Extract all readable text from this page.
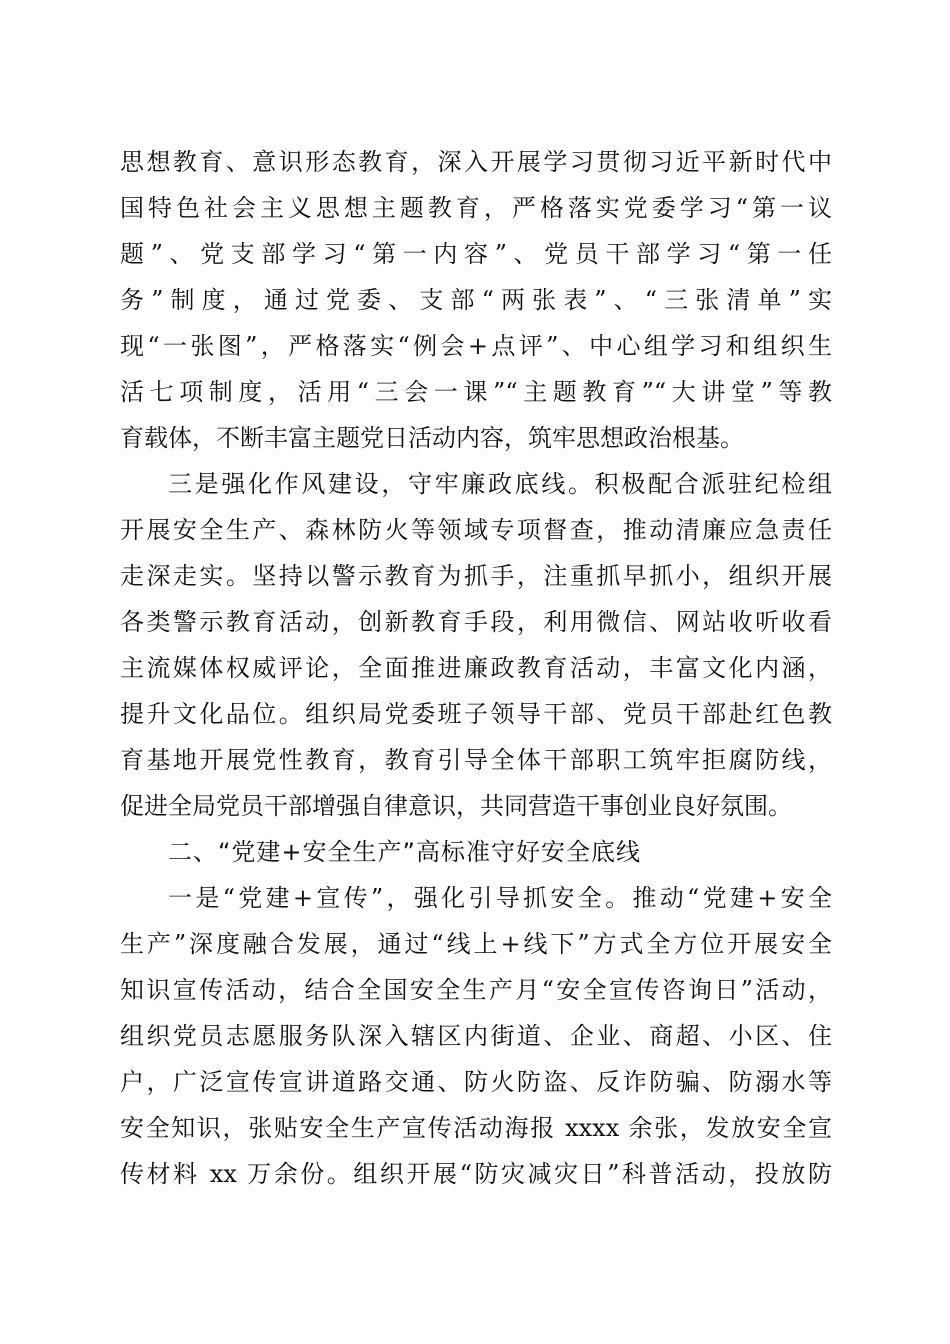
思想教育、意识形态教育，深入开展学习贯彻习近平新时代中
国特色社会主义思想主题教育，严格落实党委学习“第一议
题”、党支部学习“第一内容”、党员干部学习“第一任
务”制度，通过党委、支部“两张表”、“三张清单”实
现“一张图”，严格落实“例会+点评”、中心组学习和组织生
活七项制度，活用“三会一课”“主题教育”“大讲堂”等教
育载体，不断丰富主题党日活动内容，筑牢思想政治根基。
三是强化作风建设，守牢廉政底线。积极配合派驻纪检组
开展安全生产、森林防火等领域专项督查，推动清廉应急责任
走深走实。坚持以警示教育为抓手，注重抓早抓小，组织开展
各类警示教育活动，创新教育手段，利用微信、网站收听收看
主流媒体权威评论，全面推进廉政教育活动，丰富文化内涵，
提升文化品位。组织局党委班子领导干部、党员干部赴红色教
育基地开展党性教育，教育引导全体干部职工筑牢拒腐防线，
促进全局党员干部增强自律意识，共同营造干事创业良好氛围。
二、“党建+安全生产”高标准守好安全底线
一是“党建+宣传”，强化引导抓安全。推动“党建+安全
生产”深度融合发展，通过“线上+线下”方式全方位开展安全
知识宣传活动，结合全国安全生产月“安全宣传咨询日”活动，
组织党员志愿服务队深入辖区内街道、企业、商超、小区、住
户，广泛宣传宣讲道路交通、防火防盗、反诈防骗、防溺水等
安全知识，张贴安全生产宣传活动海报 xxxx 余张，发放安全宣
传材料 xx 万余份。组织开展“防灾减灾日”科普活动，投放防
